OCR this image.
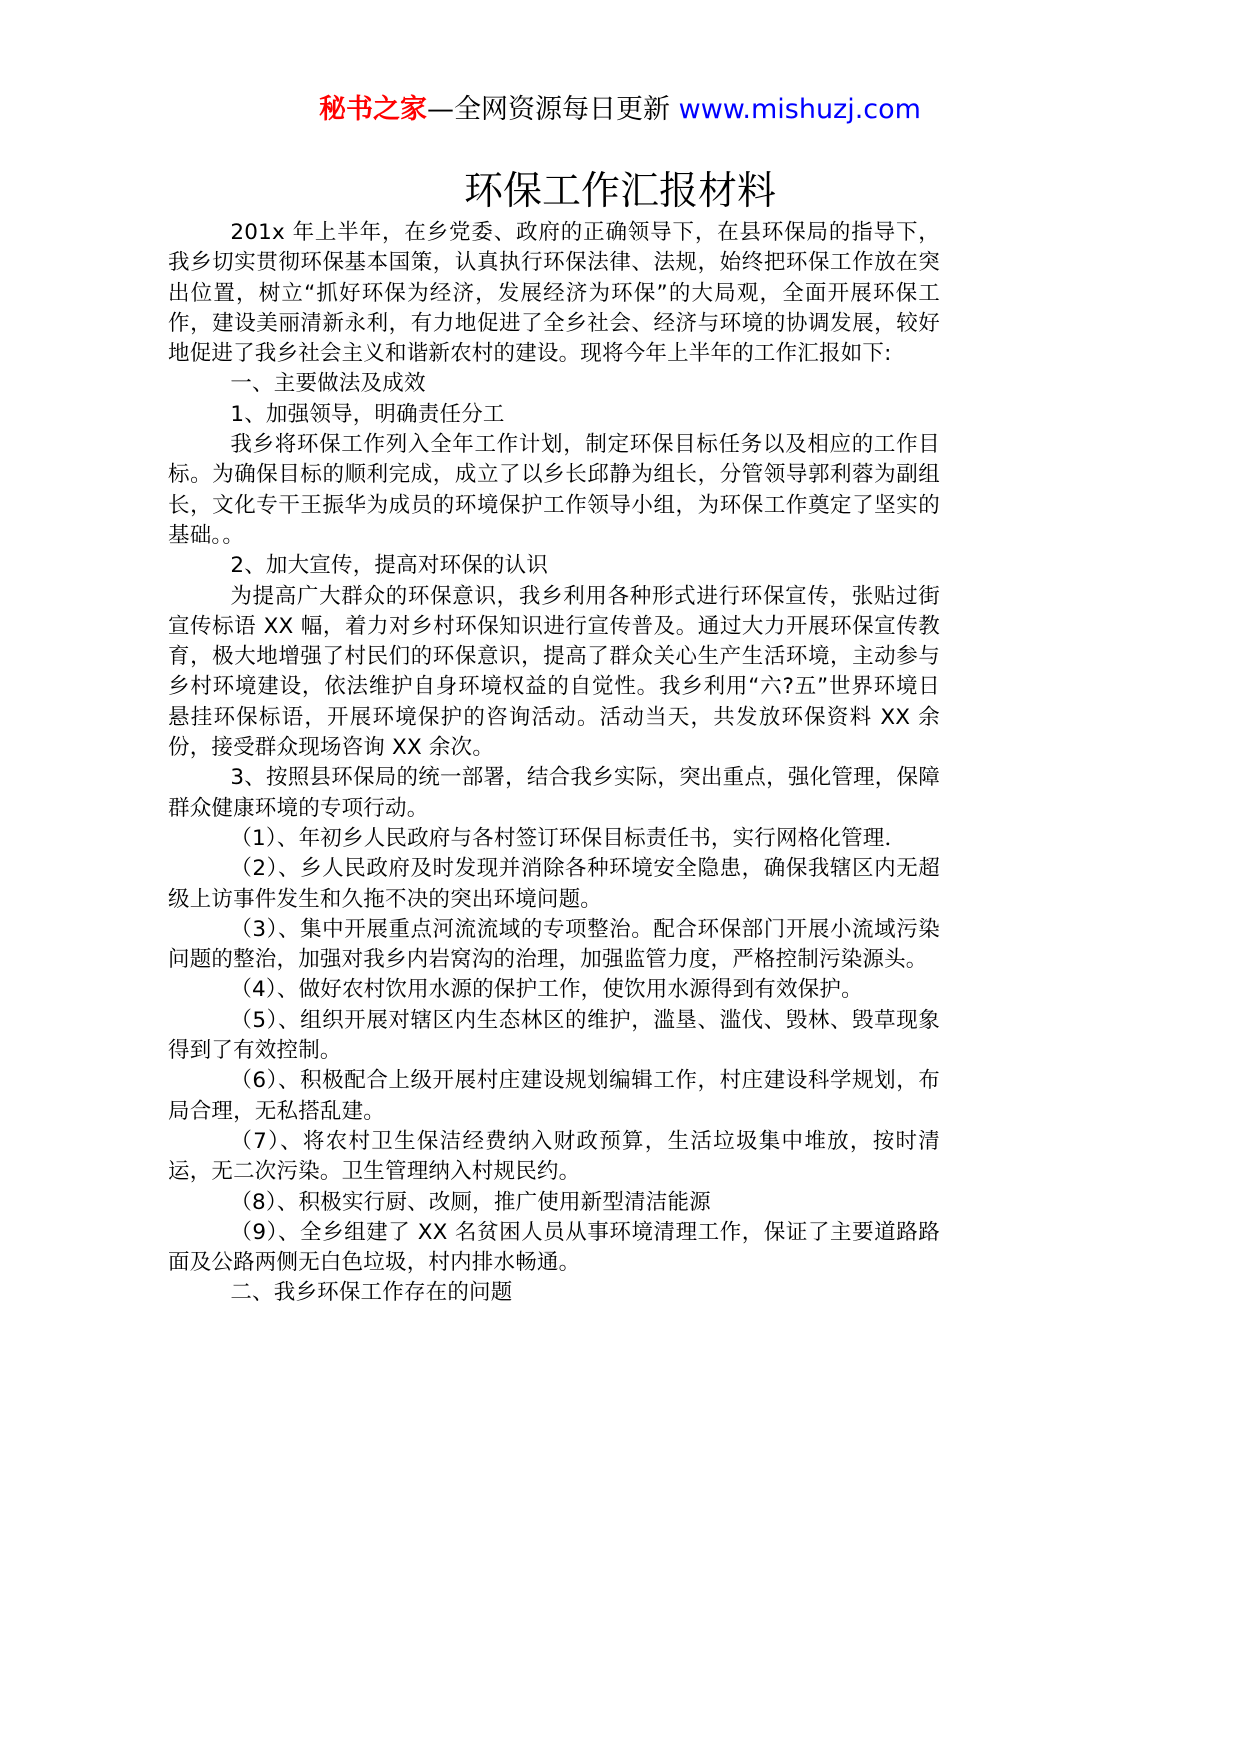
秘书之家—全网资源每日更新 www.mishuzj.com
环保工作汇报材料

201x 年上半年，在乡党委、政府的正确领导下，在县环保局的指导下，我乡切实贯彻环保基本国策，认真执行环保法律、法规，始终把环保工作放在突出位置，树立“抓好环保为经济，发展经济为环保”的大局观，全面开展环保工作，建设美丽清新永利，有力地促进了全乡社会、经济与环境的协调发展，较好地促进了我乡社会主义和谐新农村的建设。现将今年上半年的工作汇报如下:

一、主要做法及成效

1、加强领导，明确责任分工

我乡将环保工作列入全年工作计划，制定环保目标任务以及相应的工作目标。为确保目标的顺利完成，成立了以乡长邱静为组长，分管领导郭利蓉为副组长，文化专干王振华为成员的环境保护工作领导小组，为环保工作奠定了坚实的基础。。

2、加大宣传，提高对环保的认识

为提高广大群众的环保意识，我乡利用各种形式进行环保宣传，张贴过街宣传标语 XX 幅，着力对乡村环保知识进行宣传普及。通过大力开展环保宣传教育，极大地增强了村民们的环保意识，提高了群众关心生产生活环境，主动参与乡村环境建设，依法维护自身环境权益的自觉性。我乡利用“六?五”世界环境日悬挂环保标语，开展环境保护的咨询活动。活动当天，共发放环保资料 XX 余份，接受群众现场咨询 XX 余次。

3、按照县环保局的统一部署，结合我乡实际，突出重点，强化管理，保障群众健康环境的专项行动。

（1）、年初乡人民政府与各村签订环保目标责任书，实行网格化管理．

（2）、乡人民政府及时发现并消除各种环境安全隐患，确保我辖区内无超级上访事件发生和久拖不决的突出环境问题。

（3）、集中开展重点河流流域的专项整治。配合环保部门开展小流域污染问题的整治，加强对我乡内岩窝沟的治理，加强监管力度，严格控制污染源头。

（4）、做好农村饮用水源的保护工作，使饮用水源得到有效保护。

（5）、组织开展对辖区内生态林区的维护，滥垦、滥伐、毁林、毁草现象得到了有效控制。

（6）、积极配合上级开展村庄建设规划编辑工作，村庄建设科学规划，布局合理，无私搭乱建。

（7）、将农村卫生保洁经费纳入财政预算，生活垃圾集中堆放，按时清运，无二次污染。卫生管理纳入村规民约。

（8）、积极实行厨、改厕，推广使用新型清洁能源

（9）、全乡组建了 XX 名贫困人员从事环境清理工作，保证了主要道路路面及公路两侧无白色垃圾，村内排水畅通。

二、我乡环保工作存在的问题
